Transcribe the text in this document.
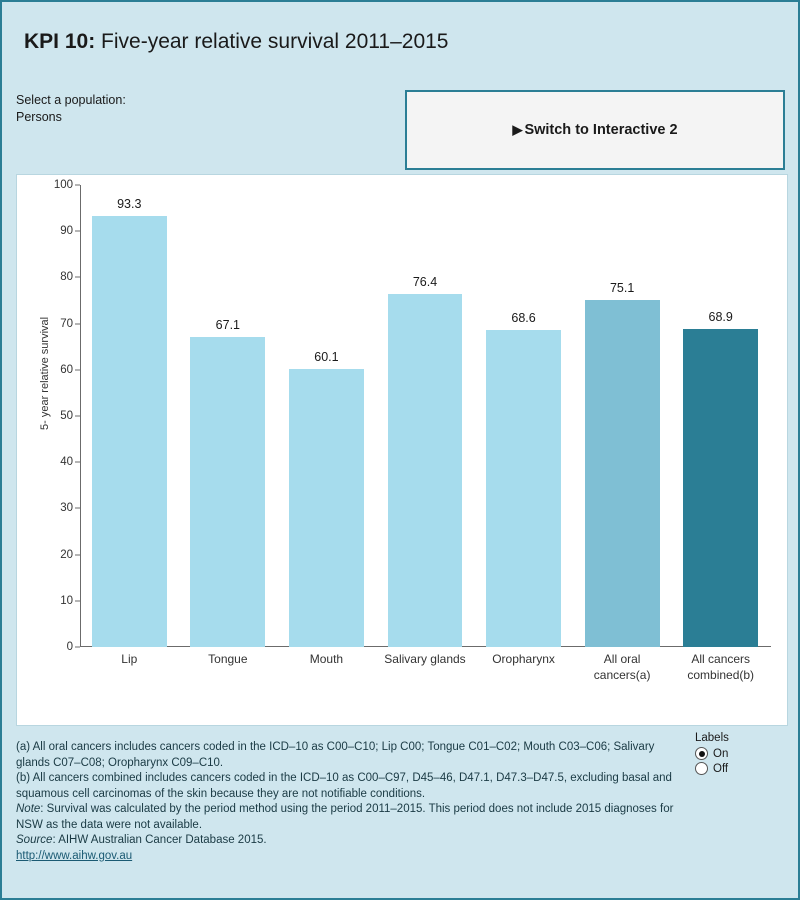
KPI 10: Five-year relative survival 2011–2015
Select a population:
Persons
▶ Switch to Interactive 2
5- year relative survival
0
10
20
30
40
50
60
70
80
90
100
93.3
67.1
60.1
76.4
68.6
75.1
68.9
Lip	Tongue	Mouth	Salivary glands	Oropharynx	All oral
cancers(a)
All cancers
combined(b)

(a) All oral cancers includes cancers coded in the ICD–10 as C00–C10; Lip C00; Tongue C01–C02; Mouth C03–C06; Salivary glands C07–C08; Oropharynx C09–C10.

(b) All cancers combined includes cancers coded in the ICD–10 as C00–C97, D45–46, D47.1, D47.3–D47.5, excluding basal and squamous cell carcinomas of the skin because they are not notifiable conditions.

Note: Survival was calculated by the period method using the period 2011–2015. This period does not include 2015 diagnoses for NSW as the data were not available.

Source: AIHW Australian Cancer Database 2015.

http://www.aihw.gov.au

Labels
On
Off
